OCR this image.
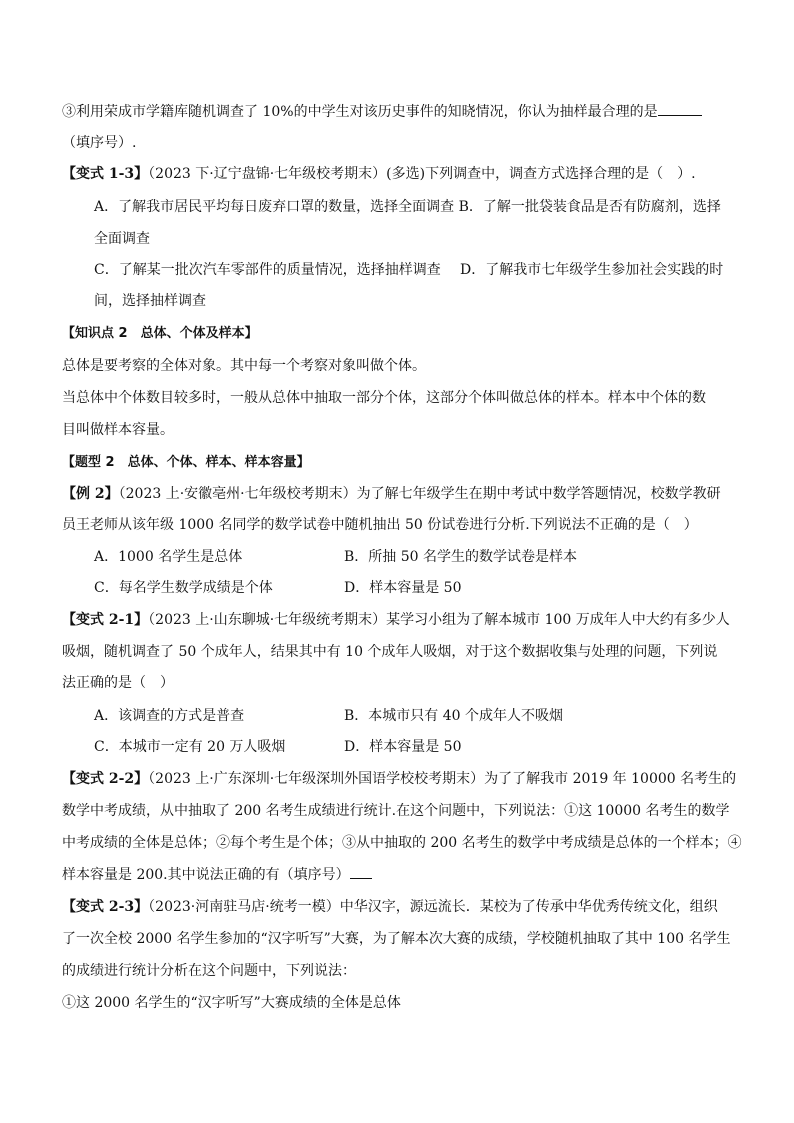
③利用荣成市学籍库随机调查了 10%的中学生对该历史事件的知晓情况，你认为抽样最合理的是
（填序号）.
【变式 1-3】（2023 下·辽宁盘锦·七年级校考期末）(多选)下列调查中，调查方式选择合理的是（　）.
A．了解我市居民平均每日废弃口罩的数量，选择全面调查 B．了解一批袋装食品是否有防腐剂，选择
全面调查
C．了解某一批次汽车零部件的质量情况，选择抽样调查 D．了解我市七年级学生参加社会实践的时
间，选择抽样调查
【知识点 2　总体、个体及样本】
总体是要考察的全体对象。其中每一个考察对象叫做个体。
当总体中个体数目较多时，一般从总体中抽取一部分个体，这部分个体叫做总体的样本。样本中个体的数
目叫做样本容量。
【题型 2　总体、个体、样本、样本容量】
【例 2】（2023 上·安徽亳州·七年级校考期末）为了解七年级学生在期中考试中数学答题情况，校数学教研
员王老师从该年级 1000 名同学的数学试卷中随机抽出 50 份试卷进行分析.下列说法不正确的是（　）
A．1000 名学生是总体	B．所抽 50 名学生的数学试卷是样本
C．每名学生数学成绩是个体	D．样本容量是 50
【变式 2-1】（2023 上·山东聊城·七年级统考期末）某学习小组为了解本城市 100 万成年人中大约有多少人
吸烟，随机调查了 50 个成年人，结果其中有 10 个成年人吸烟，对于这个数据收集与处理的问题，下列说
法正确的是（　）
A．该调查的方式是普查	B．本城市只有 40 个成年人不吸烟
C．本城市一定有 20 万人吸烟	D．样本容量是 50
【变式 2-2】（2023 上·广东深圳·七年级深圳外国语学校校考期末）为了了解我市 2019 年 10000 名考生的
数学中考成绩，从中抽取了 200 名考生成绩进行统计.在这个问题中，下列说法：①这 10000 名考生的数学
中考成绩的全体是总体；②每个考生是个体；③从中抽取的 200 名考生的数学中考成绩是总体的一个样本；④
样本容量是 200.其中说法正确的有（填序号）
【变式 2-3】（2023·河南驻马店·统考一模）中华汉字，源远流长．某校为了传承中华优秀传统文化，组织
了一次全校 2000 名学生参加的“汉字听写”大赛，为了解本次大赛的成绩，学校随机抽取了其中 100 名学生
的成绩进行统计分析在这个问题中，下列说法：
①这 2000 名学生的“汉字听写”大赛成绩的全体是总体
